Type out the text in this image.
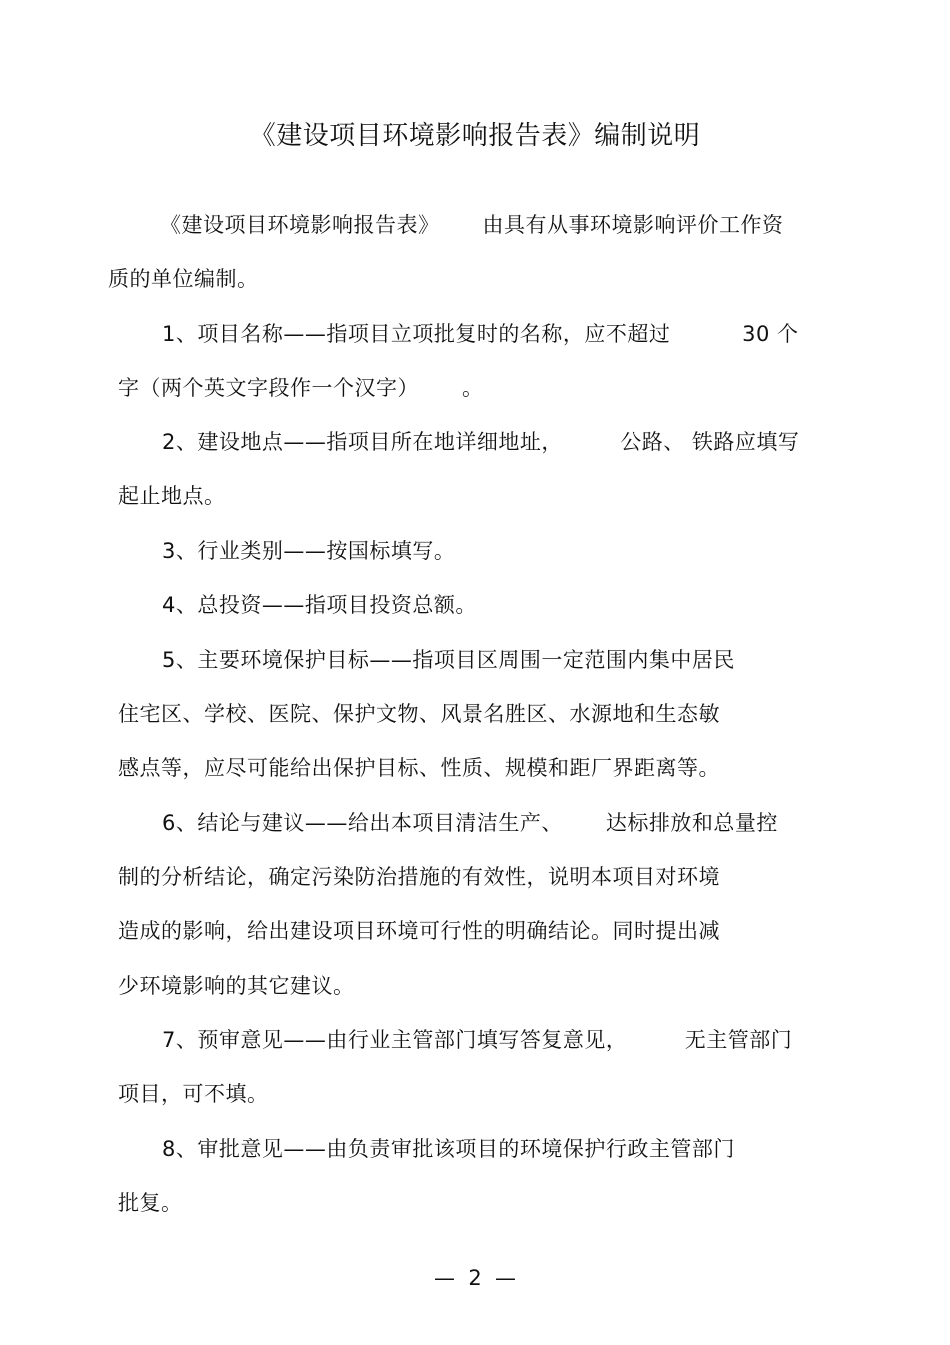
《建设项目环境影响报告表》编制说明
《建设项目环境影响报告表》      由具有从事环境影响评价工作资
质的单位编制。
1、项目名称——指项目立项批复时的名称，应不超过          30 个
字（两个英文字段作一个汉字）      。
2、建设地点——指项目所在地详细地址，        公路、 铁路应填写
起止地点。
3、行业类别——按国标填写。
4、总投资——指项目投资总额。
5、主要环境保护目标——指项目区周围一定范围内集中居民
住宅区、学校、医院、保护文物、风景名胜区、水源地和生态敏
感点等，应尽可能给出保护目标、性质、规模和距厂界距离等。
6、结论与建议——给出本项目清洁生产、      达标排放和总量控
制的分析结论，确定污染防治措施的有效性，说明本项目对环境
造成的影响，给出建设项目环境可行性的明确结论。同时提出减
少环境影响的其它建议。
7、预审意见——由行业主管部门填写答复意见，        无主管部门
项目，可不填。
8、审批意见——由负责审批该项目的环境保护行政主管部门
批复。
—  2  —
